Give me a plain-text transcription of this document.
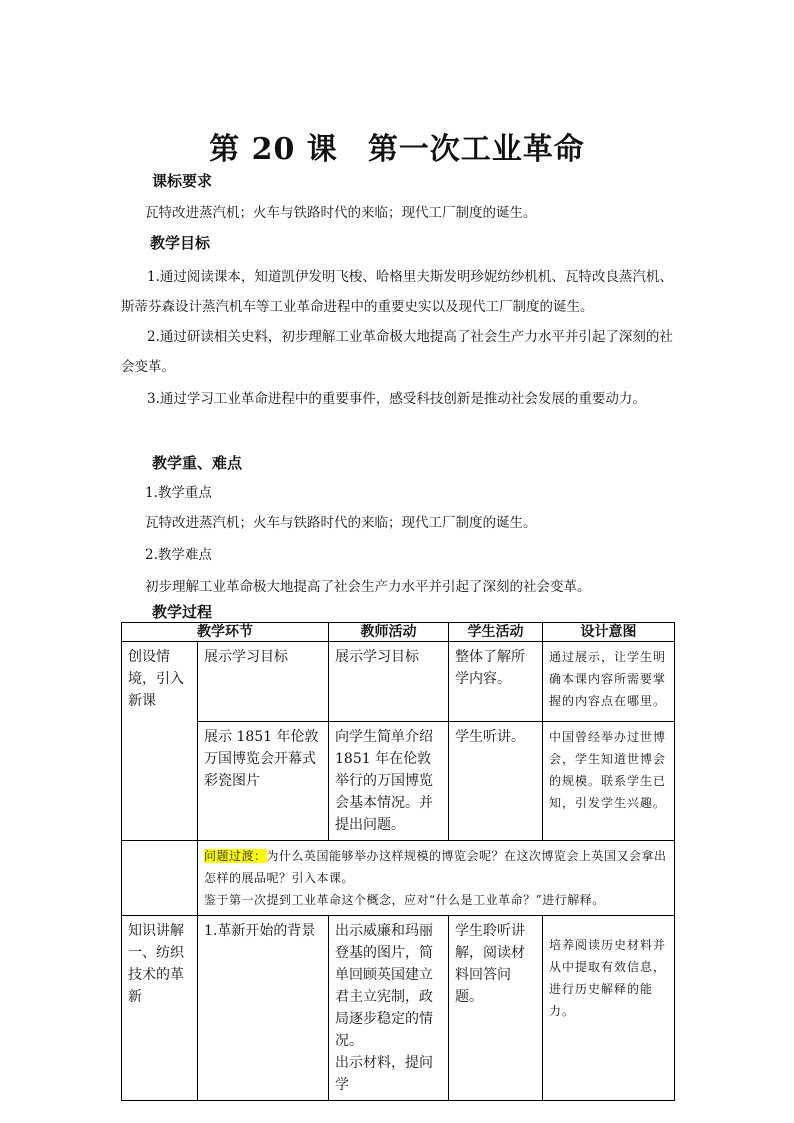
第 20 课 第一次工业革命
课标要求
瓦特改进蒸汽机；火车与铁路时代的来临；现代工厂制度的诞生。
教学目标
1.通过阅读课本，知道凯伊发明飞梭、哈格里夫斯发明珍妮纺纱机机、瓦特改良蒸汽机、斯蒂芬森设计蒸汽机车等工业革命进程中的重要史实以及现代工厂制度的诞生。
2.通过研读相关史料，初步理解工业革命极大地提高了社会生产力水平并引起了深刻的社会变革。
3.通过学习工业革命进程中的重要事件，感受科技创新是推动社会发展的重要动力。
教学重、难点
1.教学重点
瓦特改进蒸汽机；火车与铁路时代的来临；现代工厂制度的诞生。
2.教学难点
初步理解工业革命极大地提高了社会生产力水平并引起了深刻的社会变革。
教学过程
教学环节		教师活动	学生活动	设计意图
创设情境，引入新课	展示学习目标	展示学习目标	整体了解所学内容。	通过展示，让学生明确本课内容所需要掌握的内容点在哪里。
	展示 1851 年伦敦万国博览会开幕式彩瓷图片	向学生简单介绍 1851 年在伦敦举行的万国博览会基本情况。并提出问题。	学生听讲。	中国曾经举办过世博会，学生知道世博会的规模。联系学生已知，引发学生兴趣。
	问题过渡：为什么英国能够举办这样规模的博览会呢？在这次博览会上英国又会拿出怎样的展品呢？引入本课。
鉴于第一次提到工业革命这个概念，应对“什么是工业革命？”进行解释。			
知识讲解一、纺织技术的革新	1.革新开始的背景	出示威廉和玛丽登基的图片，简单回顾英国建立君主立宪制，政局逐步稳定的情况。
出示材料，提问学	学生聆听讲解，阅读材料回答问题。	培养阅读历史材料并从中提取有效信息，进行历史解释的能力。
